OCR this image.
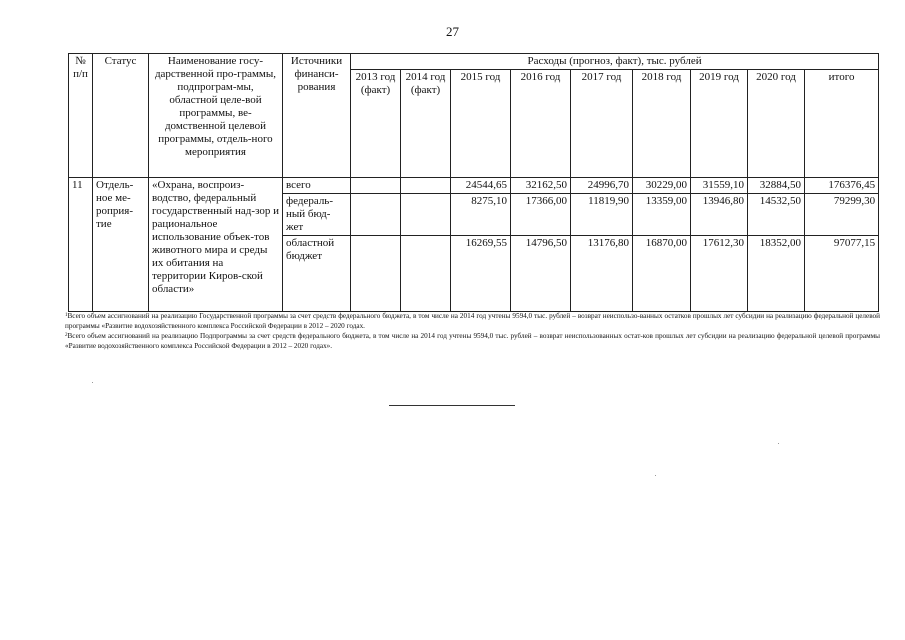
27
№ п/п	Статус	Наименование госу-дарственной про-граммы, подпрограм-мы, областной целе-вой программы, ве-домственной целевой программы, отдель-ного мероприятия	Источники финанси-рования	Расходы (прогноз, факт), тыс. рублей								
				2013 год (факт)	2014 год (факт)	2015 год	2016 год	2017 год	2018 год	2019 год	2020 год	итого
11	Отдель-ное ме-роприя-тие	«Охрана, воспроиз-водство, федеральный государственный над-зор и рациональное использование объек-тов животного мира и среды их обитания на территории Киров-ской области»	всего			24544,65	32162,50	24996,70	30229,00	31559,10	32884,50	176376,45
			федераль-ный бюд-жет			8275,10	17366,00	11819,90	13359,00	13946,80	14532,50	79299,30
			областной бюджет			16269,55	14796,50	13176,80	16870,00	17612,30	18352,00	97077,15

$^1$Всего объем ассигнований на реализацию Государственной программы за счет средств федерального бюджета, в том числе на 2014 год учтены 9594,0 тыс. рублей – возврат неиспользо-ванных остатков прошлых лет субсидии на реализацию федеральной целевой программы «Развитие водохозяйственного комплекса Российской Федерации в 2012 – 2020 годах.

$^2$Всего объем ассигнований на реализацию Подпрограммы за счет средств федерального бюджета, в том числе на 2014 год учтены 9594,0 тыс. рублей – возврат неиспользованных остат-ков прошлых лет субсидии на реализацию федеральной целевой программы «Развитие водохозяйственного комплекса Российской Федерации в 2012 – 2020 годах».
